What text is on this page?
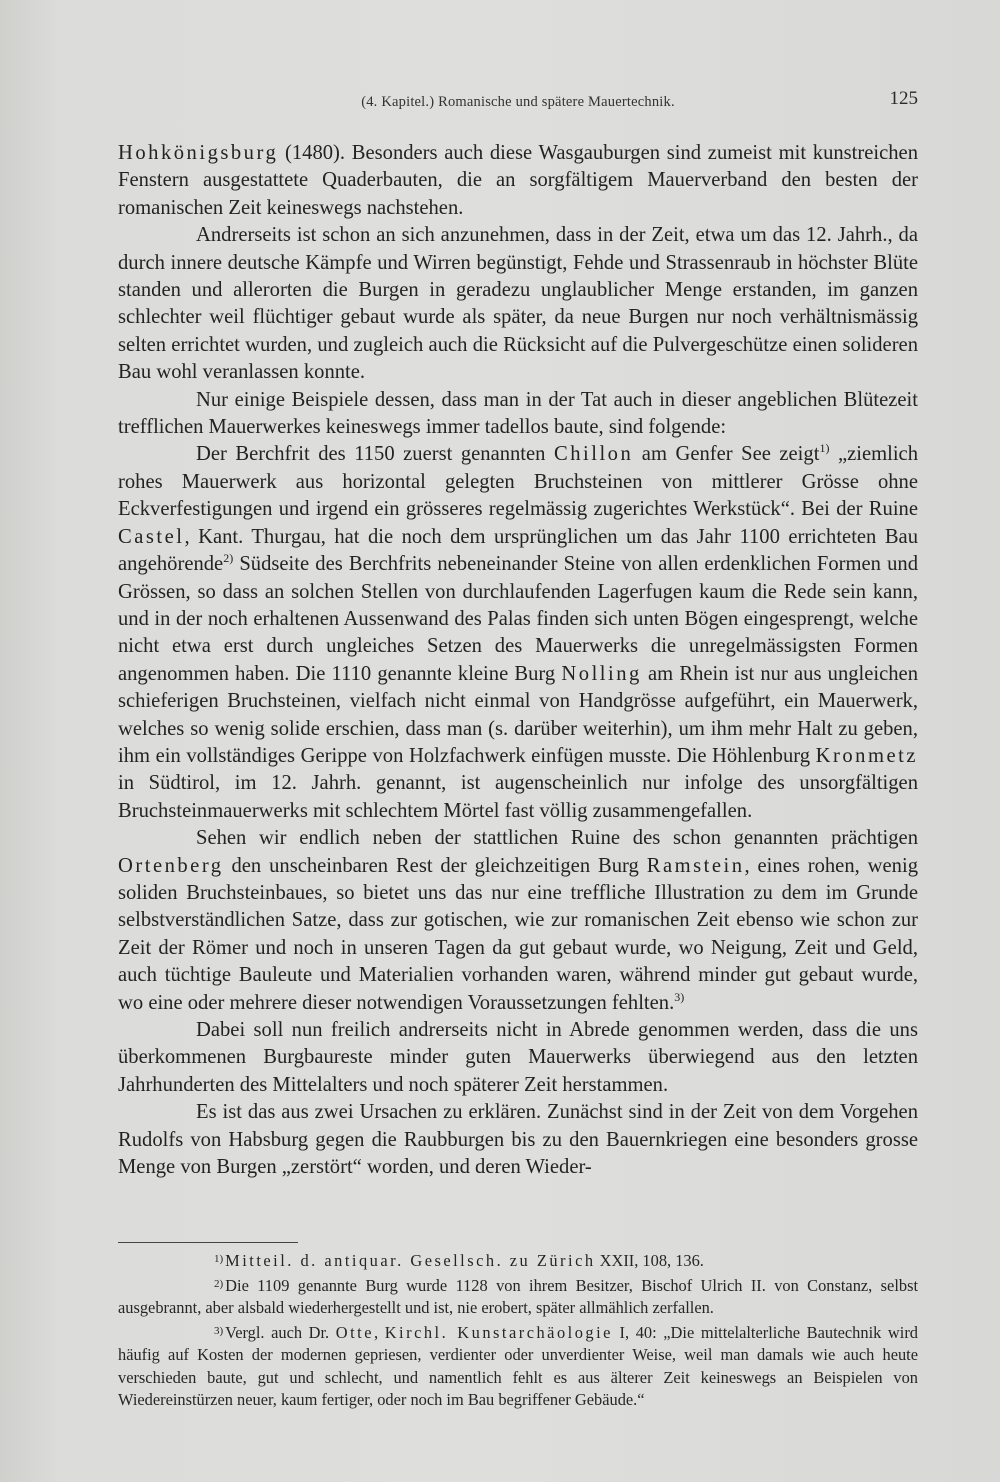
(4. Kapitel.) Romanische und spätere Mauertechnik.	125

Hohkönigsburg (1480). Besonders auch diese Wasgauburgen sind zumeist mit kunstreichen Fenstern ausgestattete Quaderbauten, die an sorgfältigem Mauerverband den besten der romanischen Zeit keineswegs nachstehen.

Andrerseits ist schon an sich anzunehmen, dass in der Zeit, etwa um das 12. Jahrh., da durch innere deutsche Kämpfe und Wirren begünstigt, Fehde und Strassenraub in höchster Blüte standen und allerorten die Burgen in geradezu unglaublicher Menge erstanden, im ganzen schlechter weil flüchtiger gebaut wurde als später, da neue Burgen nur noch verhältnismässig selten errichtet wurden, und zugleich auch die Rücksicht auf die Pulvergeschütze einen solideren Bau wohl veranlassen konnte.

Nur einige Beispiele dessen, dass man in der Tat auch in dieser angeblichen Blütezeit trefflichen Mauerwerkes keineswegs immer tadellos baute, sind folgende:

Der Berchfrit des 1150 zuerst genannten Chillon am Genfer See zeigt$^{1)}$ „ziemlich rohes Mauerwerk aus horizontal gelegten Bruchsteinen von mittlerer Grösse ohne Eckverfestigungen und irgend ein grösseres regelmässig zugerichtes Werkstück“. Bei der Ruine Castel, Kant. Thurgau, hat die noch dem ursprünglichen um das Jahr 1100 errichteten Bau angehörende$^{2)}$ Südseite des Berchfrits nebeneinander Steine von allen erdenklichen Formen und Grössen, so dass an solchen Stellen von durchlaufenden Lagerfugen kaum die Rede sein kann, und in der noch erhaltenen Aussenwand des Palas finden sich unten Bögen eingesprengt, welche nicht etwa erst durch ungleiches Setzen des Mauerwerks die unregelmässigsten Formen angenommen haben. Die 1110 genannte kleine Burg Nolling am Rhein ist nur aus ungleichen schieferigen Bruchsteinen, vielfach nicht einmal von Handgrösse aufgeführt, ein Mauerwerk, welches so wenig solide erschien, dass man (s. darüber weiterhin), um ihm mehr Halt zu geben, ihm ein vollständiges Gerippe von Holzfachwerk einfügen musste. Die Höhlenburg Kronmetz in Südtirol, im 12. Jahrh. genannt, ist augenscheinlich nur infolge des unsorgfältigen Bruchsteinmauerwerks mit schlechtem Mörtel fast völlig zusammengefallen.

Sehen wir endlich neben der stattlichen Ruine des schon genannten prächtigen Ortenberg den unscheinbaren Rest der gleichzeitigen Burg Ramstein, eines rohen, wenig soliden Bruchsteinbaues, so bietet uns das nur eine treffliche Illustration zu dem im Grunde selbstverständlichen Satze, dass zur gotischen, wie zur romanischen Zeit ebenso wie schon zur Zeit der Römer und noch in unseren Tagen da gut gebaut wurde, wo Neigung, Zeit und Geld, auch tüchtige Bauleute und Materialien vorhanden waren, während minder gut gebaut wurde, wo eine oder mehrere dieser notwendigen Voraussetzungen fehlten.$^{3)}$

Dabei soll nun freilich andrerseits nicht in Abrede genommen werden, dass die uns überkommenen Burgbaureste minder guten Mauerwerks überwiegend aus den letzten Jahrhunderten des Mittelalters und noch späterer Zeit herstammen.

Es ist das aus zwei Ursachen zu erklären. Zunächst sind in der Zeit von dem Vorgehen Rudolfs von Habsburg gegen die Raubburgen bis zu den Bauernkriegen eine besonders grosse Menge von Burgen „zerstört“ worden, und deren Wieder-

$^{1)}$ Mitteil. d. antiquar. Gesellsch. zu Zürich XXII, 108, 136.

$^{2)}$ Die 1109 genannte Burg wurde 1128 von ihrem Besitzer, Bischof Ulrich II. von Constanz, selbst ausgebrannt, aber alsbald wiederhergestellt und ist, nie erobert, später allmählich zerfallen.

$^{3)}$ Vergl. auch Dr. Otte, Kirchl. Kunstarchäologie I, 40: „Die mittelalterliche Bautechnik wird häufig auf Kosten der modernen gepriesen, verdienter oder unverdienter Weise, weil man damals wie auch heute verschieden baute, gut und schlecht, und namentlich fehlt es aus älterer Zeit keineswegs an Beispielen von Wiedereinstürzen neuer, kaum fertiger, oder noch im Bau begriffener Gebäude.“
